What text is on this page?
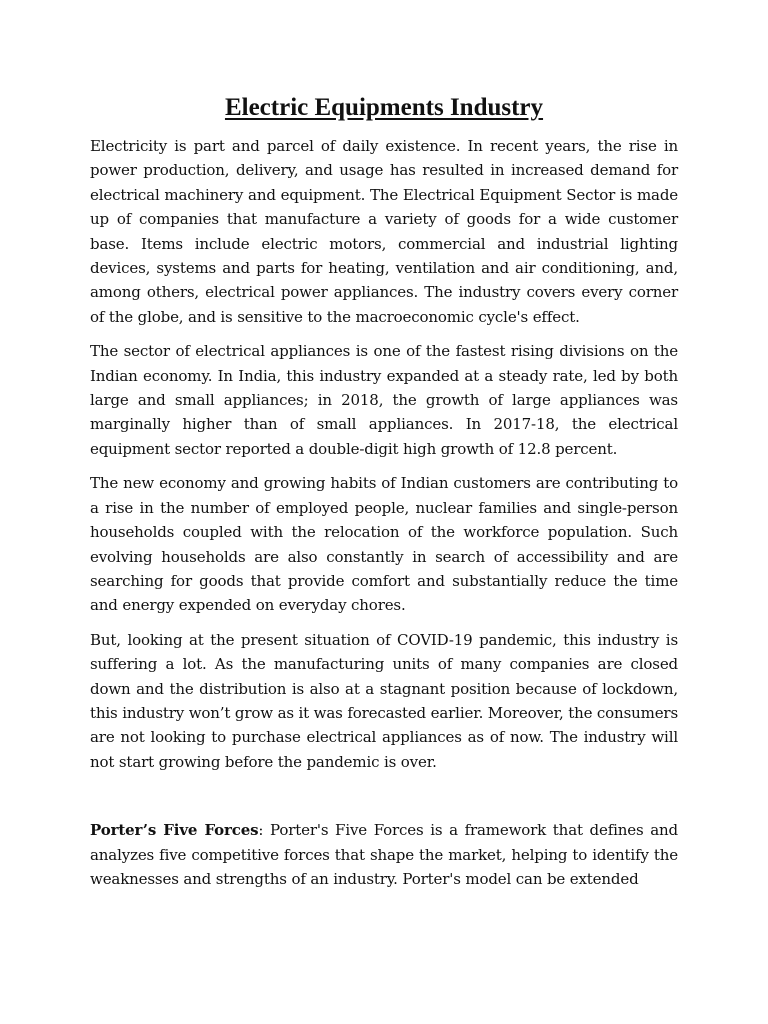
Electric Equipments Industry

Electricity is part and parcel of daily existence. In recent years, the rise in power production, delivery, and usage has resulted in increased demand for electrical machinery and equipment. The Electrical Equipment Sector is made up of companies that manufacture a variety of goods for a wide customer base. Items include electric motors, commercial and industrial lighting devices, systems and parts for heating, ventilation and air conditioning, and, among others, electrical power appliances. The industry covers every corner of the globe, and is sensitive to the macroeconomic cycle's effect.

The sector of electrical appliances is one of the fastest rising divisions on the Indian economy. In India, this industry expanded at a steady rate, led by both large and small appliances; in 2018, the growth of large appliances was marginally higher than of small appliances. In 2017-18, the electrical equipment sector reported a double-digit high growth of 12.8 percent.

The new economy and growing habits of Indian customers are contributing to a rise in the number of employed people, nuclear families and single-person households coupled with the relocation of the workforce population. Such evolving households are also constantly in search of accessibility and are searching for goods that provide comfort and substantially reduce the time and energy expended on everyday chores.

But, looking at the present situation of COVID-19 pandemic, this industry is suffering a lot. As the manufacturing units of many companies are closed down and the distribution is also at a stagnant position because of lockdown, this industry won’t grow as it was forecasted earlier. Moreover, the consumers are not looking to purchase electrical appliances as of now. The industry will not start growing before the pandemic is over.

Porter’s Five Forces: Porter's Five Forces is a framework that defines and analyzes five competitive forces that shape the market, helping to identify the weaknesses and strengths of an industry. Porter's model can be extended
